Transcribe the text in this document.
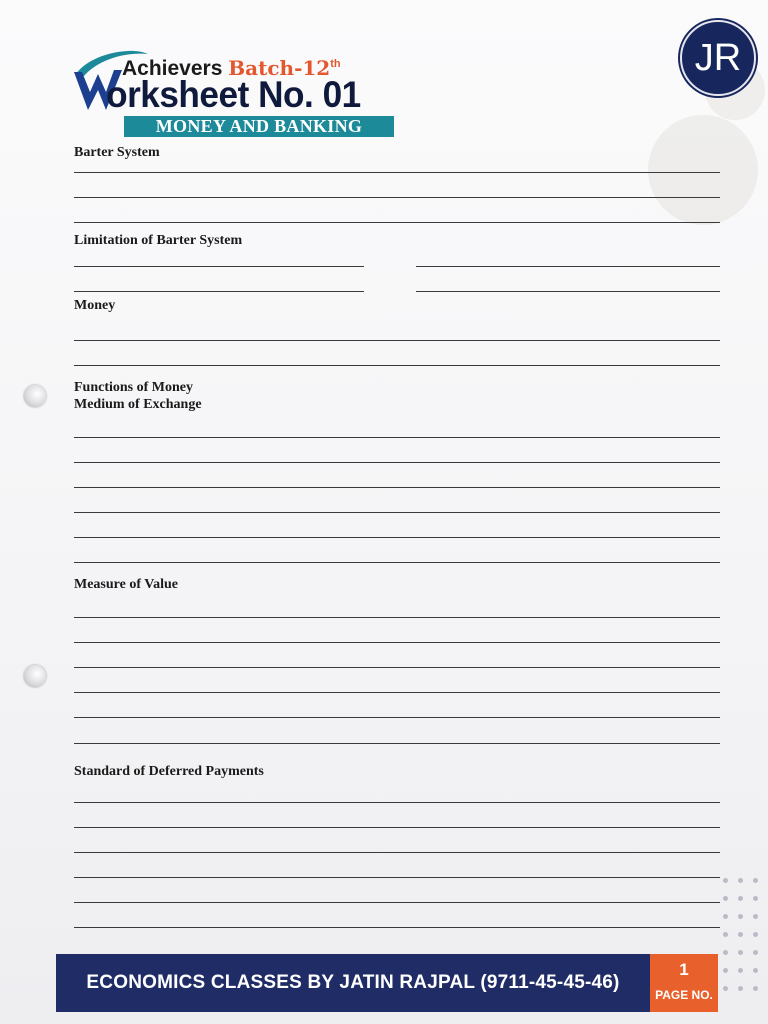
Achievers Batch-12th
orksheet No. 01
MONEY AND BANKING
JR
Barter System
Limitation of Barter System
Money
Functions of Money
Medium of Exchange
Measure of Value
Standard of Deferred Payments
ECONOMICS CLASSES BY JATIN RAJPAL (9711-45-45-46)
1
PAGE NO.
